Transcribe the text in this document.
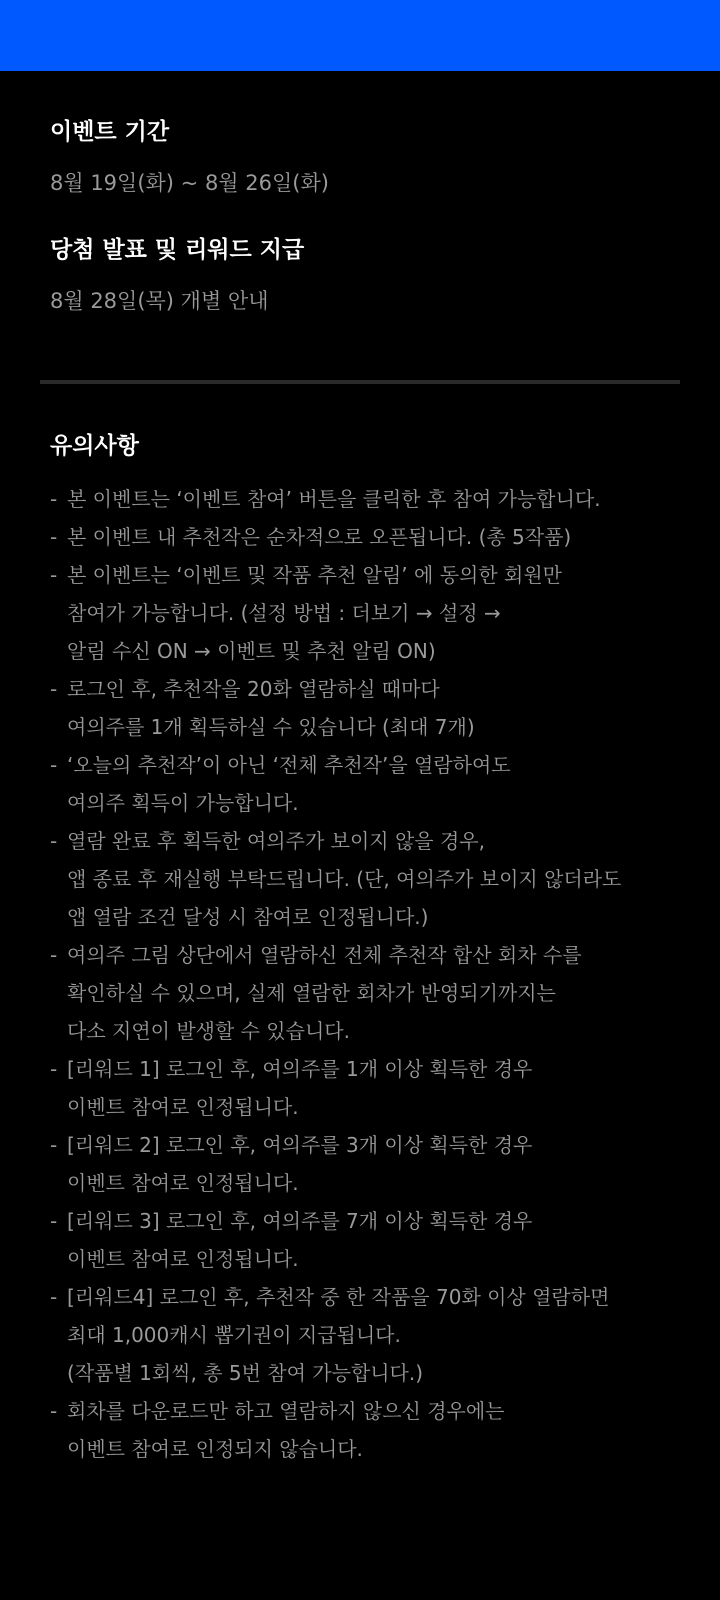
이벤트 기간

8월 19일(화) ~ 8월 26일(화)

당첨 발표 및 리워드 지급

8월 28일(목) 개별 안내

유의사항

- 본 이벤트는 ‘이벤트 참여’ 버튼을 클릭한 후 참여 가능합니다.
- 본 이벤트 내 추천작은 순차적으로 오픈됩니다. (총 5작품)
- 본 이벤트는 ‘이벤트 및 작품 추천 알림’ 에 동의한 회원만
참여가 가능합니다. (설정 방법 : 더보기 → 설정 →
알림 수신 ON → 이벤트 및 추천 알림 ON)
- 로그인 후, 추천작을 20화 열람하실 때마다
여의주를 1개 획득하실 수 있습니다 (최대 7개)
- ‘오늘의 추천작’이 아닌 ‘전체 추천작’을 열람하여도
여의주 획득이 가능합니다.
- 열람 완료 후 획득한 여의주가 보이지 않을 경우,
앱 종료 후 재실행 부탁드립니다. (단, 여의주가 보이지 않더라도
앱 열람 조건 달성 시 참여로 인정됩니다.)
- 여의주 그림 상단에서 열람하신 전체 추천작 합산 회차 수를
확인하실 수 있으며, 실제 열람한 회차가 반영되기까지는
다소 지연이 발생할 수 있습니다.
- [리워드 1] 로그인 후, 여의주를 1개 이상 획득한 경우
이벤트 참여로 인정됩니다.
- [리워드 2] 로그인 후, 여의주를 3개 이상 획득한 경우
이벤트 참여로 인정됩니다.
- [리워드 3] 로그인 후, 여의주를 7개 이상 획득한 경우
이벤트 참여로 인정됩니다.
- [리워드4] 로그인 후, 추천작 중 한 작품을 70화 이상 열람하면
최대 1,000캐시 뽑기권이 지급됩니다.
(작품별 1회씩, 총 5번 참여 가능합니다.)
- 회차를 다운로드만 하고 열람하지 않으신 경우에는
이벤트 참여로 인정되지 않습니다.
